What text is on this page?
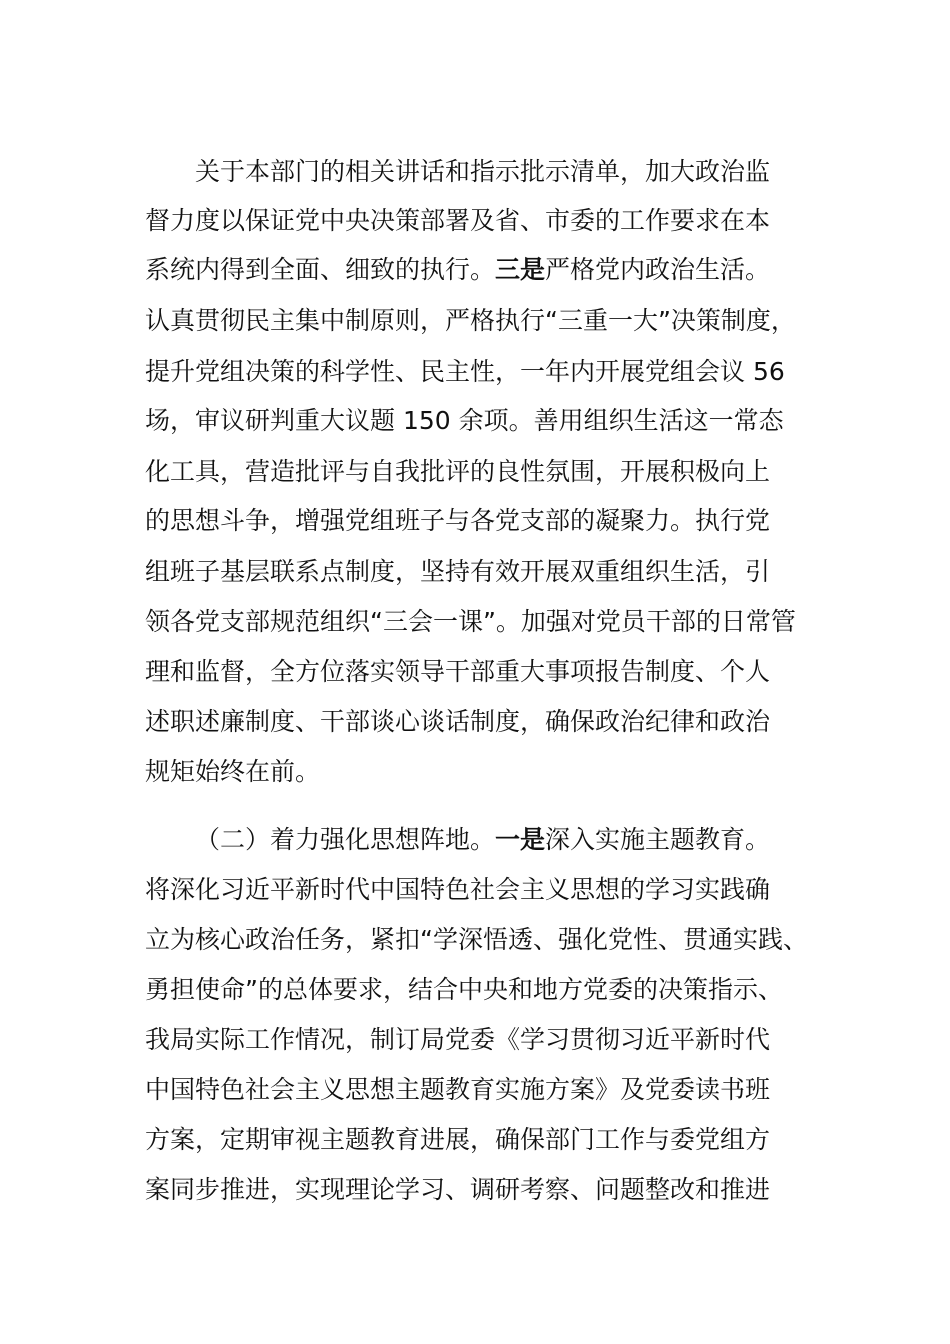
关于本部门的相关讲话和指示批示清单，加大政治监
督力度以保证党中央决策部署及省、市委的工作要求在本
系统内得到全面、细致的执行。三是严格党内政治生活。
认真贯彻民主集中制原则，严格执行“三重一大”决策制度，
提升党组决策的科学性、民主性，一年内开展党组会议 56
场，审议研判重大议题 150 余项。善用组织生活这一常态
化工具，营造批评与自我批评的良性氛围，开展积极向上
的思想斗争，增强党组班子与各党支部的凝聚力。执行党
组班子基层联系点制度，坚持有效开展双重组织生活，引
领各党支部规范组织“三会一课”。加强对党员干部的日常管
理和监督，全方位落实领导干部重大事项报告制度、个人
述职述廉制度、干部谈心谈话制度，确保政治纪律和政治
规矩始终在前。
（二）着力强化思想阵地。一是深入实施主题教育。
将深化习近平新时代中国特色社会主义思想的学习实践确
立为核心政治任务，紧扣“学深悟透、强化党性、贯通实践、
勇担使命”的总体要求，结合中央和地方党委的决策指示、
我局实际工作情况，制订局党委《学习贯彻习近平新时代
中国特色社会主义思想主题教育实施方案》及党委读书班
方案，定期审视主题教育进展，确保部门工作与委党组方
案同步推进，实现理论学习、调研考察、问题整改和推进
